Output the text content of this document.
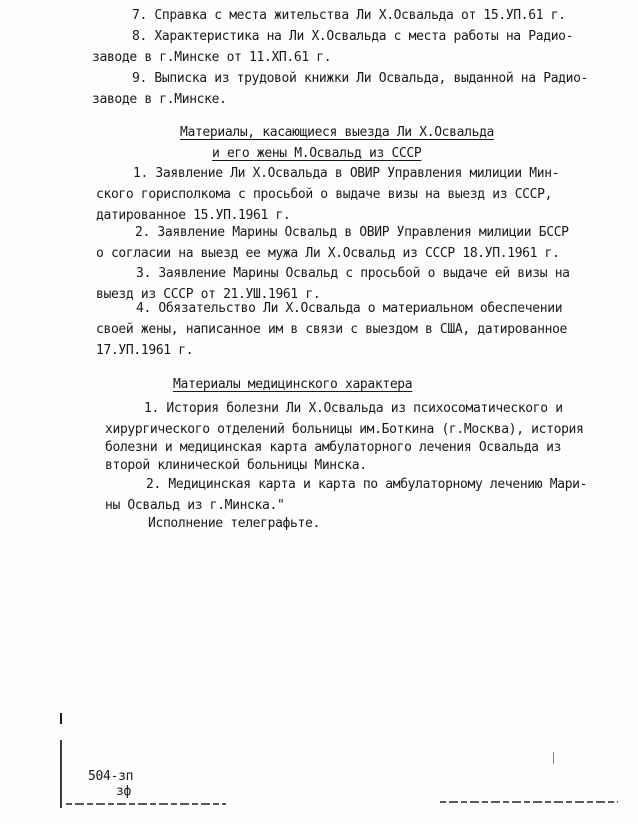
7. Справка с места жительства Ли Х.Освальда от 15.УП.61 г.
8. Характеристика на Ли Х.Освальда с места работы на Радио-
заводе в г.Минске от 11.ХП.61 г.
9. Выписка из трудовой книжки Ли Освальда, выданной на Радио-
заводе в г.Минске.
Материалы, касающиеся выезда Ли Х.Освальда
и его жены М.Освальд из СССР
1. Заявление Ли Х.Освальда в ОВИР Управления милиции Мин-
ского горисполкома с просьбой о выдаче визы на выезд из СССР,
датированное 15.УП.1961 г.
2. Заявление Марины Освальд в ОВИР Управления милиции БССР
о согласии на выезд ее мужа Ли Х.Освальд из СССР 18.УП.1961 г.
3. Заявление Марины Освальд с просьбой о выдаче ей визы на
выезд из СССР от 21.УШ.1961 г.
4. Обязательство Ли Х.Освальда о материальном обеспечении
своей жены, написанное им в связи с выездом в США, датированное
17.УП.1961 г.
Материалы медицинского характера
1. История болезни Ли Х.Освальда из психосоматического и
хирургического отделений больницы им.Боткина (г.Москва), история
болезни и медицинская карта амбулаторного лечения Освальда из
второй клинической больницы Минска.
2. Медицинская карта и карта по амбулаторному лечению Мари-
ны Освальд из г.Минска."
Исполнение телеграфьте.
504-зп
зф
